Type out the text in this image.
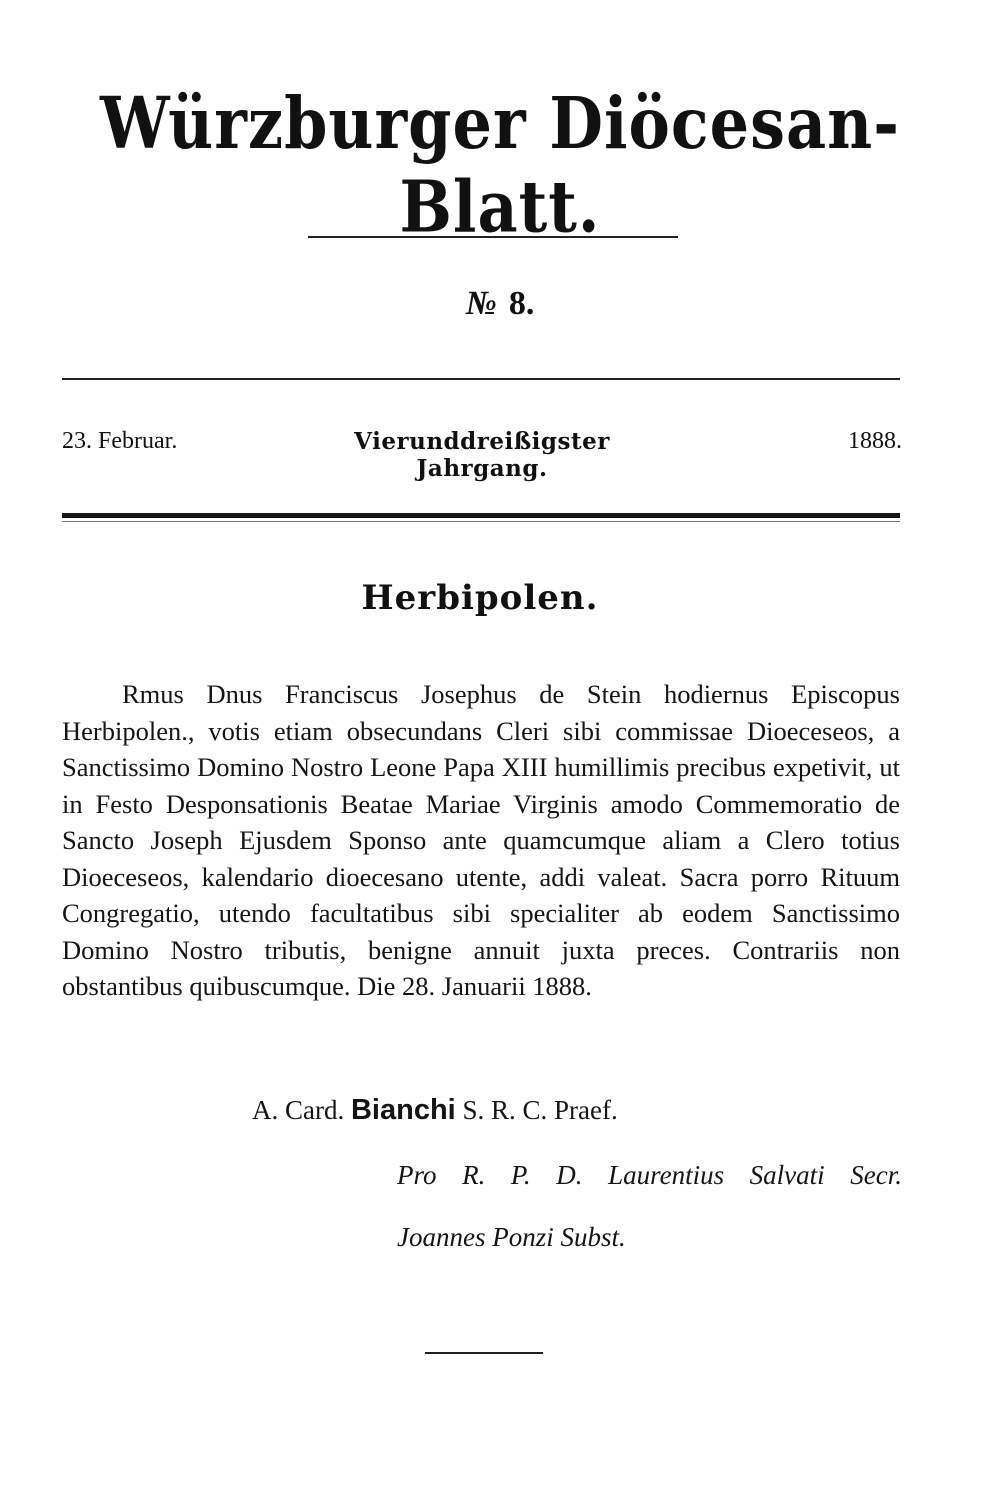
Würzburger Diöcesan-Blatt.
№ 8.
23. Februar.	Vierunddreißigster Jahrgang.
1888.
Herbipolen.
Rmus Dnus Franciscus Josephus de Stein hodiernus Episcopus Herbipolen., votis etiam obsecundans Cleri sibi commissae Dioeceseos, a Sanctissimo Domino Nostro Leone Papa XIII humillimis precibus expetivit, ut in Festo Desponsationis Beatae Mariae Virginis amodo Commemoratio de Sancto Joseph Ejusdem Sponso ante quamcumque aliam a Clero totius Dioeceseos, kalendario dioecesano utente, addi valeat. Sacra porro Rituum Congregatio, utendo facultatibus sibi specialiter ab eodem Sanctissimo Domino Nostro tributis, benigne annuit juxta preces. Contrariis non obstantibus quibuscumque. Die 28. Januarii 1888.
A. Card. Bianchi S. R. C. Praef.
Pro R. P. D. Laurentius Salvati Secr.
Joannes Ponzi Subst.
